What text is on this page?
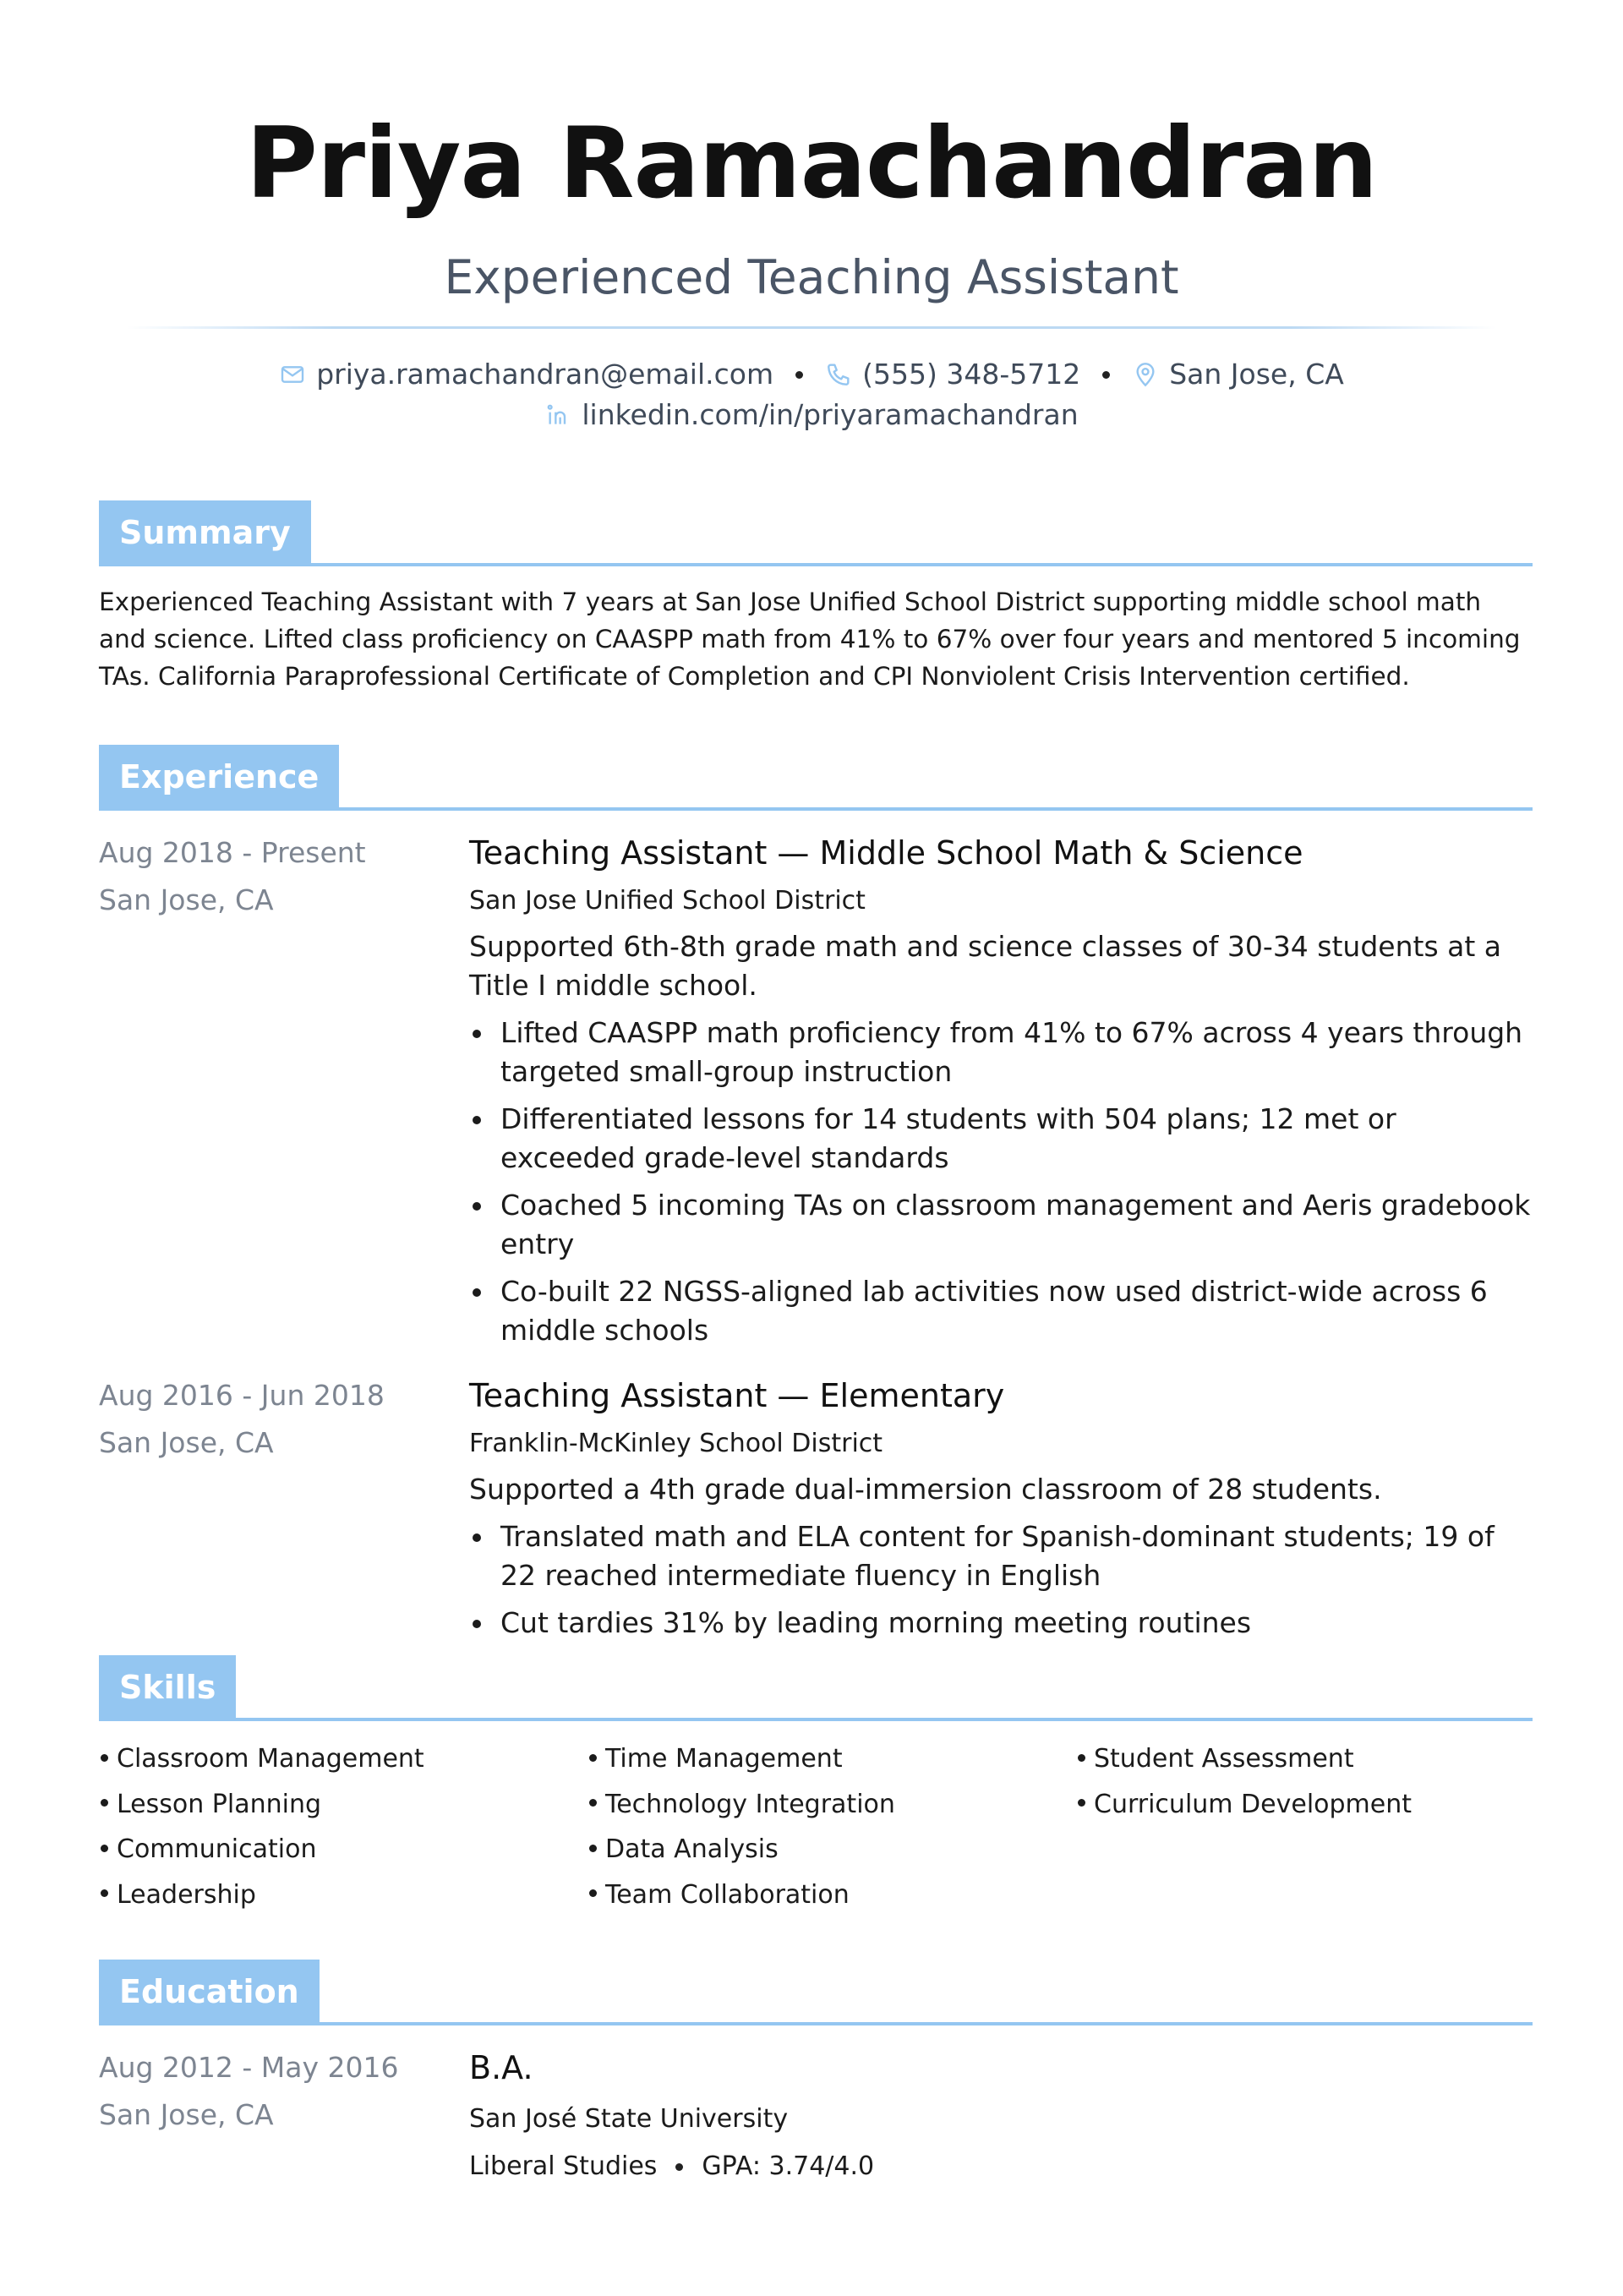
Priya Ramachandran
Experienced Teaching Assistant
priya.ramachandran@email.com	(555) 348-5712	San Jose, CA
linkedin.com/in/priyaramachandran
Summary
Experienced Teaching Assistant with 7 years at San Jose Unified School District supporting middle school math and science. Lifted class proficiency on CAASPP math from 41% to 67% over four years and mentored 5 incoming TAs. California Paraprofessional Certificate of Completion and CPI Nonviolent Crisis Intervention certified.
Experience
Aug 2018 - Present
San Jose, CA
Teaching Assistant — Middle School Math & Science
San Jose Unified School District
Supported 6th-8th grade math and science classes of 30-34 students at a Title I middle school.
Lifted CAASPP math proficiency from 41% to 67% across 4 years through targeted small-group instruction
Differentiated lessons for 14 students with 504 plans; 12 met or exceeded grade-level standards
Coached 5 incoming TAs on classroom management and Aeris gradebook entry
Co-built 22 NGSS-aligned lab activities now used district-wide across 6 middle schools
Aug 2016 - Jun 2018
San Jose, CA
Teaching Assistant — Elementary
Franklin-McKinley School District
Supported a 4th grade dual-immersion classroom of 28 students.
Translated math and ELA content for Spanish-dominant students; 19 of 22 reached intermediate fluency in English
Cut tardies 31% by leading morning meeting routines
Skills
Classroom Management
Lesson Planning
Communication
Leadership
Time Management
Technology Integration
Data Analysis
Team Collaboration
Student Assessment
Curriculum Development
Education
Aug 2012 - May 2016
San Jose, CA
B.A.
San José State University
Liberal Studies GPA: 3.74/4.0
